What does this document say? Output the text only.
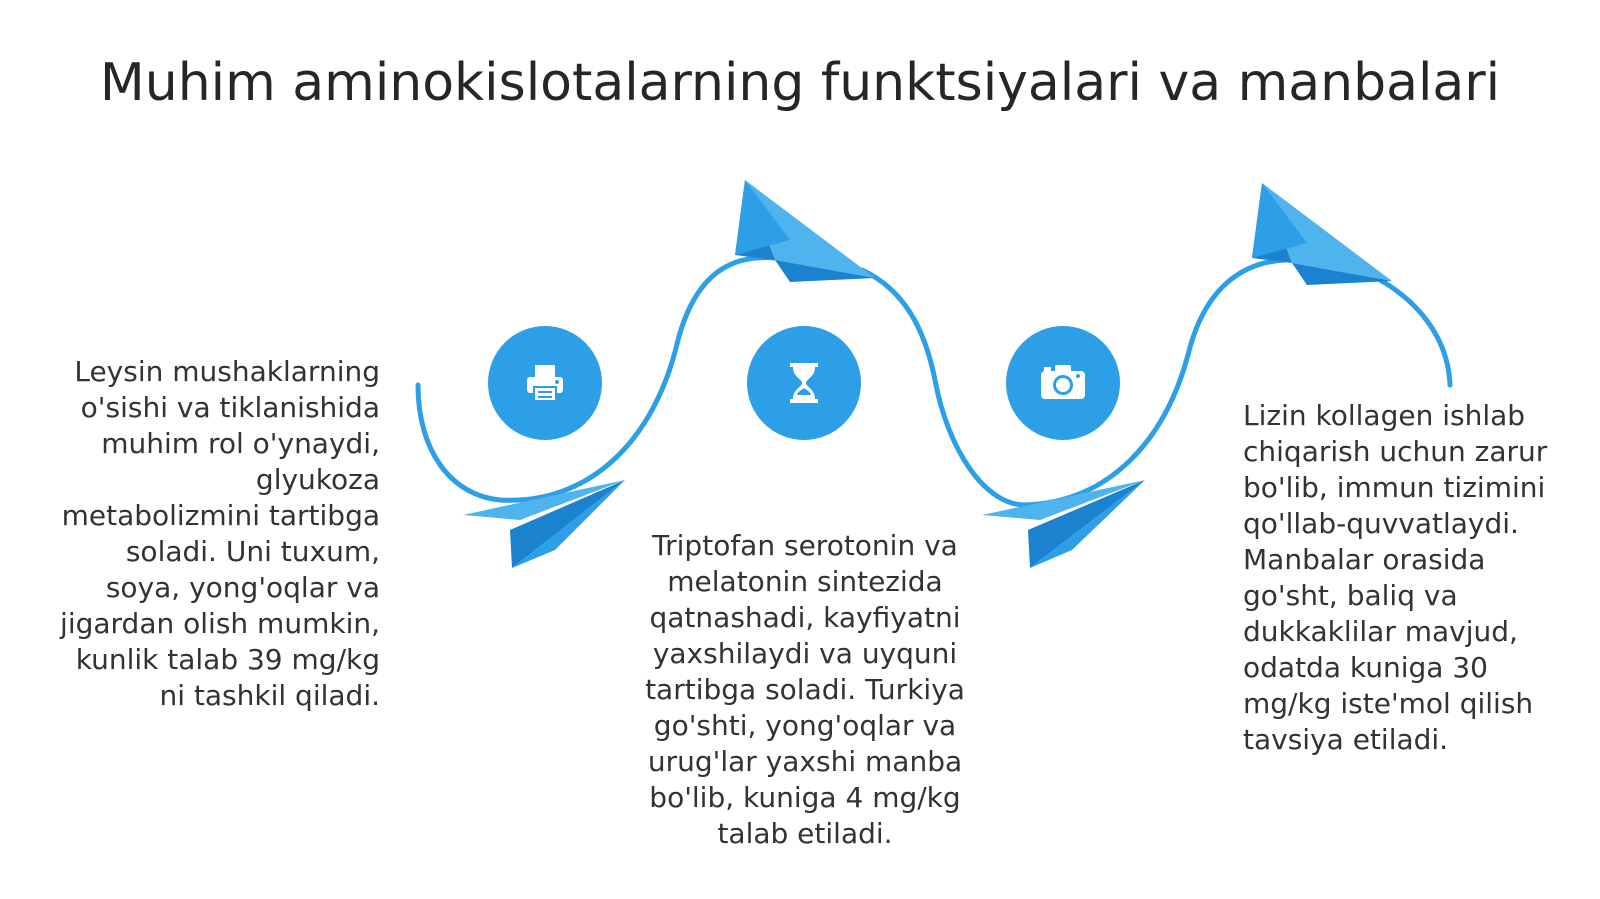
Muhim aminokislotalarning funktsiyalari va manbalari
Leysin mushaklarning o'sishi va tiklanishida muhim rol o'ynaydi, glyukoza metabolizmini tartibga soladi. Uni tuxum, soya, yong'oqlar va jigardan olish mumkin, kunlik talab 39 mg/kg ni tashkil qiladi.
Triptofan serotonin va melatonin sintezida qatnashadi, kayfiyatni yaxshilaydi va uyquni tartibga soladi. Turkiya go'shti, yong'oqlar va urug'lar yaxshi manba bo'lib, kuniga 4 mg/kg talab etiladi.
Lizin kollagen ishlab chiqarish uchun zarur bo'lib, immun tizimini qo'llab-quvvatlaydi. Manbalar orasida go'sht, baliq va dukkaklilar mavjud, odatda kuniga 30 mg/kg iste'mol qilish tavsiya etiladi.
